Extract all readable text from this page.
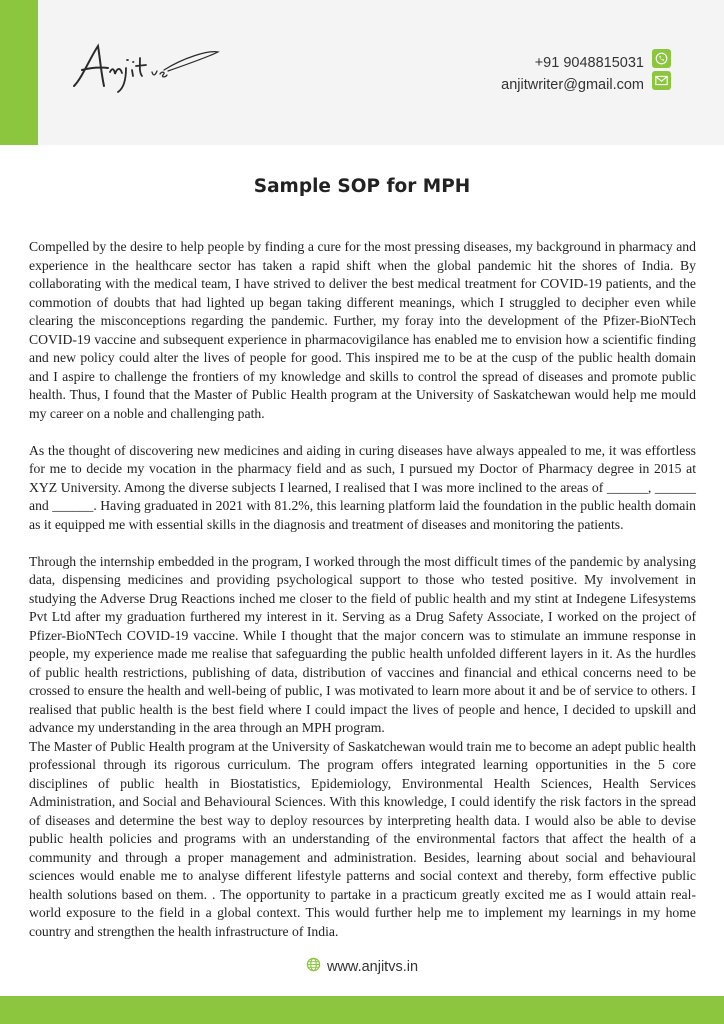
+91 9048815031
anjitwriter@gmail.com
Sample SOP for MPH

Compelled by the desire to help people by finding a cure for the most pressing diseases, my background in pharmacy and experience in the healthcare sector has taken a rapid shift when the global pandemic hit the shores of India. By collaborating with the medical team, I have strived to deliver the best medical treatment for COVID-19 patients, and the commotion of doubts that had lighted up began taking different meanings, which I struggled to decipher even while clearing the misconceptions regarding the pandemic. Further, my foray into the development of the Pfizer-BioNTech COVID-19 vaccine and subsequent experience in pharmacovigilance has enabled me to envision how a scientific finding and new policy could alter the lives of people for good. This inspired me to be at the cusp of the public health domain and I aspire to challenge the frontiers of my knowledge and skills to control the spread of diseases and promote public health. Thus, I found that the Master of Public Health program at the University of Saskatchewan would help me mould my career on a noble and challenging path.

As the thought of discovering new medicines and aiding in curing diseases have always appealed to me, it was effortless for me to decide my vocation in the pharmacy field and as such, I pursued my Doctor of Pharmacy degree in 2015 at XYZ University. Among the diverse subjects I learned, I realised that I was more inclined to the areas of ______, ______ and ______. Having graduated in 2021 with 81.2%, this learning platform laid the foundation in the public health domain as it equipped me with essential skills in the diagnosis and treatment of diseases and monitoring the patients.

Through the internship embedded in the program, I worked through the most difficult times of the pandemic by analysing data, dispensing medicines and providing psychological support to those who tested positive. My involvement in studying the Adverse Drug Reactions inched me closer to the field of public health and my stint at Indegene Lifesystems Pvt Ltd after my graduation furthered my interest in it. Serving as a Drug Safety Associate, I worked on the project of Pfizer-BioNTech COVID-19 vaccine. While I thought that the major concern was to stimulate an immune response in people, my experience made me realise that safeguarding the public health unfolded different layers in it. As the hurdles of public health restrictions, publishing of data, distribution of vaccines and financial and ethical concerns need to be crossed to ensure the health and well-being of public, I was motivated to learn more about it and be of service to others. I realised that public health is the best field where I could impact the lives of people and hence, I decided to upskill and advance my understanding in the area through an MPH program.

The Master of Public Health program at the University of Saskatchewan would train me to become an adept public health professional through its rigorous curriculum. The program offers integrated learning opportunities in the 5 core disciplines of public health in Biostatistics, Epidemiology, Environmental Health Sciences, Health Services Administration, and Social and Behavioural Sciences. With this knowledge, I could identify the risk factors in the spread of diseases and determine the best way to deploy resources by interpreting health data. I would also be able to devise public health policies and programs with an understanding of the environmental factors that affect the health of a community and through a proper management and administration. Besides, learning about social and behavioural sciences would enable me to analyse different lifestyle patterns and social context and thereby, form effective public health solutions based on them. . The opportunity to partake in a practicum greatly excited me as I would attain real-world exposure to the field in a global context. This would further help me to implement my learnings in my home country and strengthen the health infrastructure of India.

www.anjitvs.in
